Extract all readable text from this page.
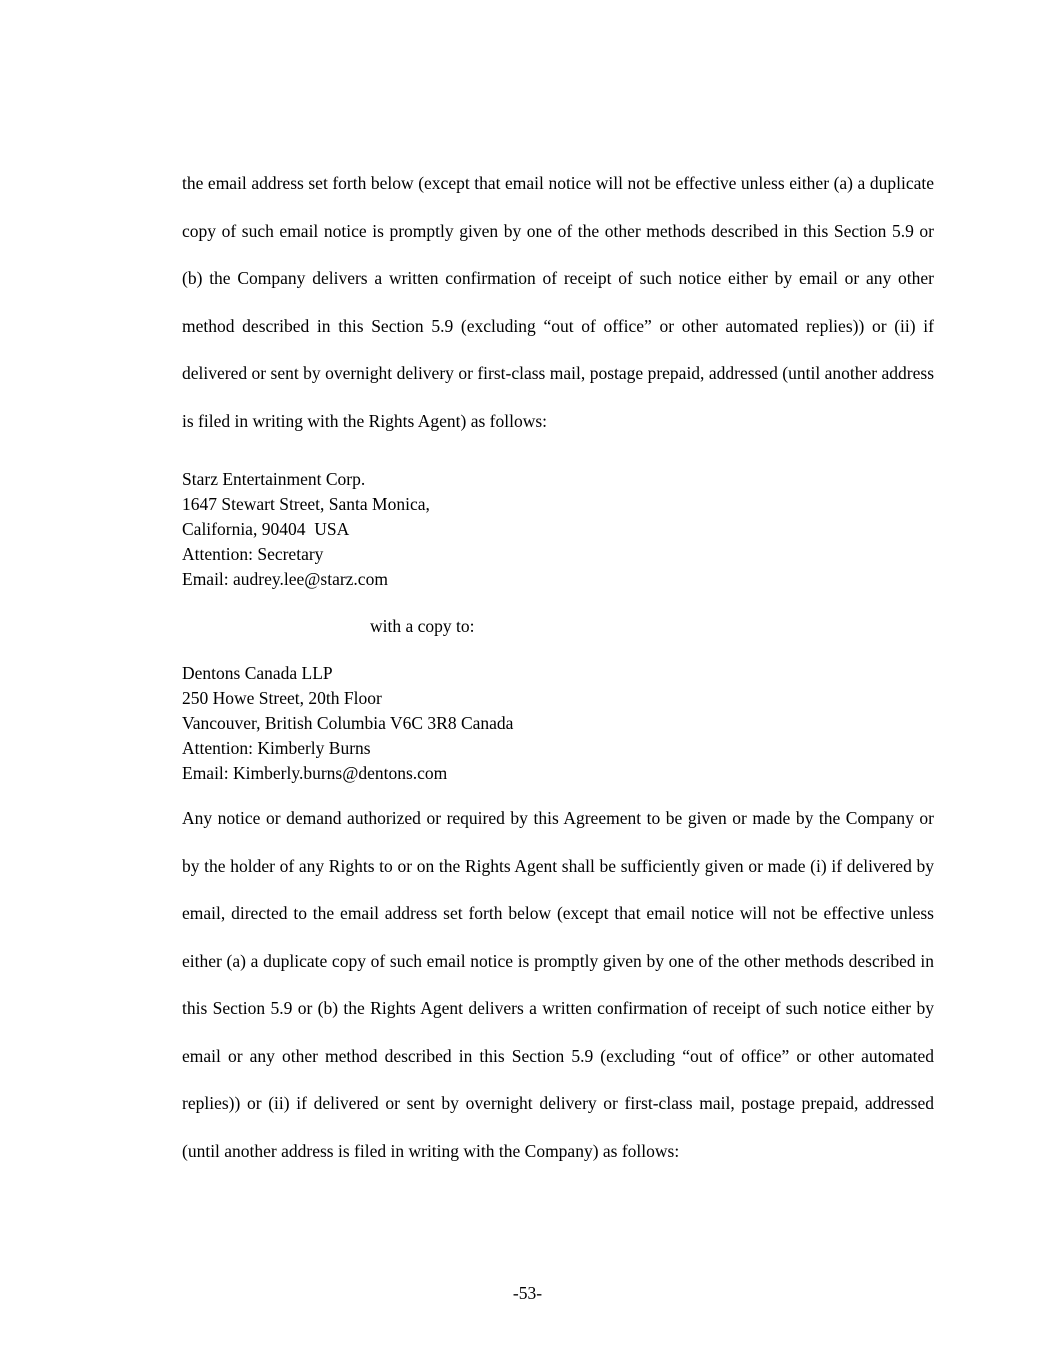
the email address set forth below (except that email notice will not be effective unless either (a) a duplicate copy of such email notice is promptly given by one of the other methods described in this Section 5.9 or (b) the Company delivers a written confirmation of receipt of such notice either by email or any other method described in this Section 5.9 (excluding “out of office” or other automated replies)) or (ii) if delivered or sent by overnight delivery or first-class mail, postage prepaid, addressed (until another address is filed in writing with the Rights Agent) as follows:

Starz Entertainment Corp.
1647 Stewart Street, Santa Monica,
California, 90404  USA
Attention: Secretary
Email: audrey.lee@starz.com
with a copy to:
Dentons Canada LLP
250 Howe Street, 20th Floor
Vancouver, British Columbia V6C 3R8 Canada
Attention: Kimberly Burns
Email: Kimberly.burns@dentons.com

Any notice or demand authorized or required by this Agreement to be given or made by the Company or by the holder of any Rights to or on the Rights Agent shall be sufficiently given or made (i) if delivered by email, directed to the email address set forth below (except that email notice will not be effective unless either (a) a duplicate copy of such email notice is promptly given by one of the other methods described in this Section 5.9 or (b) the Rights Agent delivers a written confirmation of receipt of such notice either by email or any other method described in this Section 5.9 (excluding “out of office” or other automated replies)) or (ii) if delivered or sent by overnight delivery or first-class mail, postage prepaid, addressed (until another address is filed in writing with the Company) as follows:

-53-
